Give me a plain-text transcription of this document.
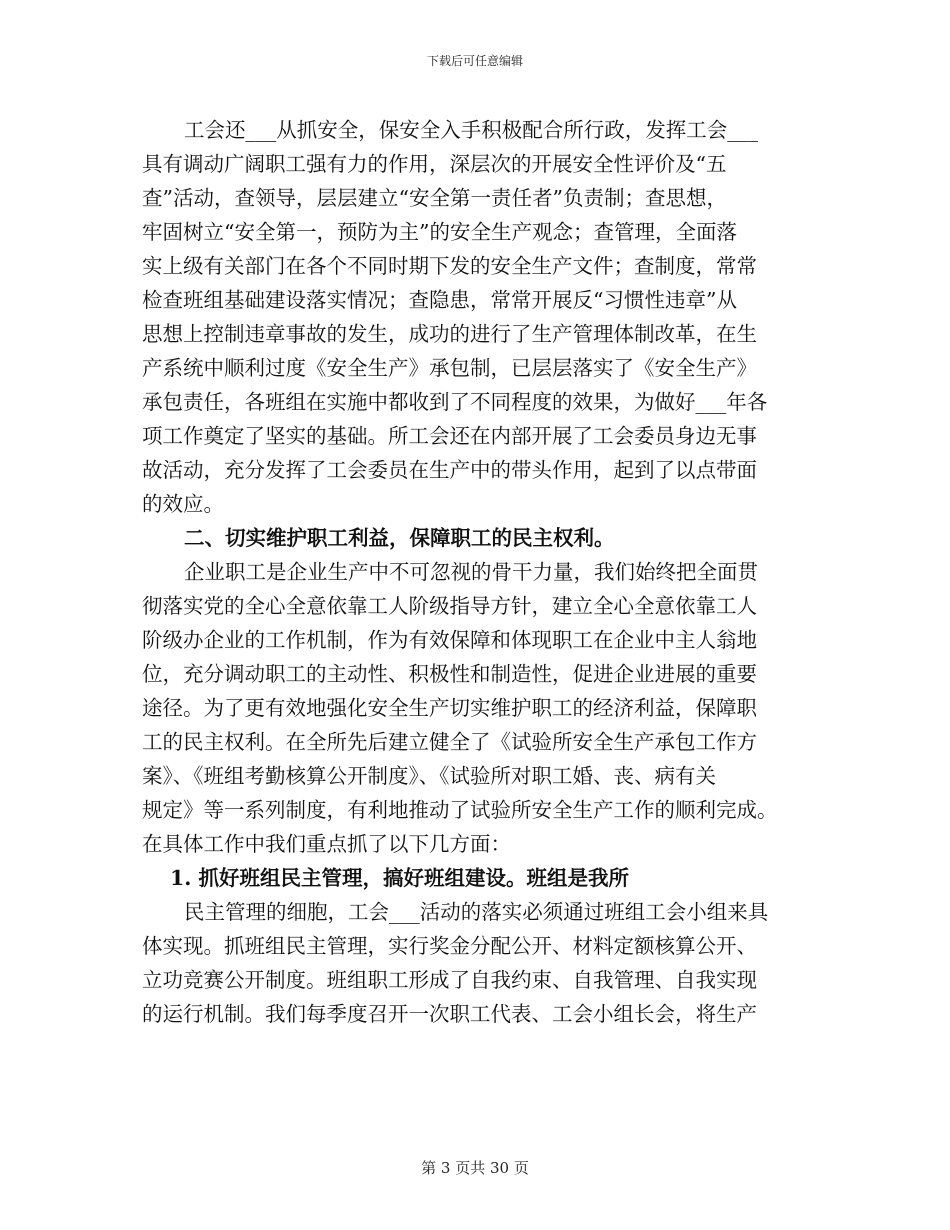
下载后可任意编辑
工会还___从抓安全，保安全入手积极配合所行政，发挥工会___
具有调动广阔职工强有力的作用，深层次的开展安全性评价及“五
查”活动，查领导，层层建立“安全第一责任者”负责制；查思想，
牢固树立“安全第一，预防为主”的安全生产观念；查管理，全面落
实上级有关部门在各个不同时期下发的安全生产文件；查制度，常常
检查班组基础建设落实情况；查隐患，常常开展反“习惯性违章”从
思想上控制违章事故的发生，成功的进行了生产管理体制改革，在生
产系统中顺利过度《安全生产》承包制，已层层落实了《安全生产》
承包责任，各班组在实施中都收到了不同程度的效果，为做好___年各
项工作奠定了坚实的基础。所工会还在内部开展了工会委员身边无事
故活动，充分发挥了工会委员在生产中的带头作用，起到了以点带面
的效应。
二、切实维护职工利益，保障职工的民主权利。
企业职工是企业生产中不可忽视的骨干力量，我们始终把全面贯
彻落实党的全心全意依靠工人阶级指导方针，建立全心全意依靠工人
阶级办企业的工作机制，作为有效保障和体现职工在企业中主人翁地
位，充分调动职工的主动性、积极性和制造性，促进企业进展的重要
途径。为了更有效地强化安全生产切实维护职工的经济利益，保障职
工的民主权利。在全所先后建立健全了《试验所安全生产承包工作方
案》、《班组考勤核算公开制度》、《试验所对职工婚、丧、病有关
规定》等一系列制度，有利地推动了试验所安全生产工作的顺利完成。
在具体工作中我们重点抓了以下几方面：
1. 抓好班组民主管理，搞好班组建设。班组是我所
民主管理的细胞，工会___活动的落实必须通过班组工会小组来具
体实现。抓班组民主管理，实行奖金分配公开、材料定额核算公开、
立功竞赛公开制度。班组职工形成了自我约束、自我管理、自我实现
的运行机制。我们每季度召开一次职工代表、工会小组长会，将生产
第 3 页共 30 页
